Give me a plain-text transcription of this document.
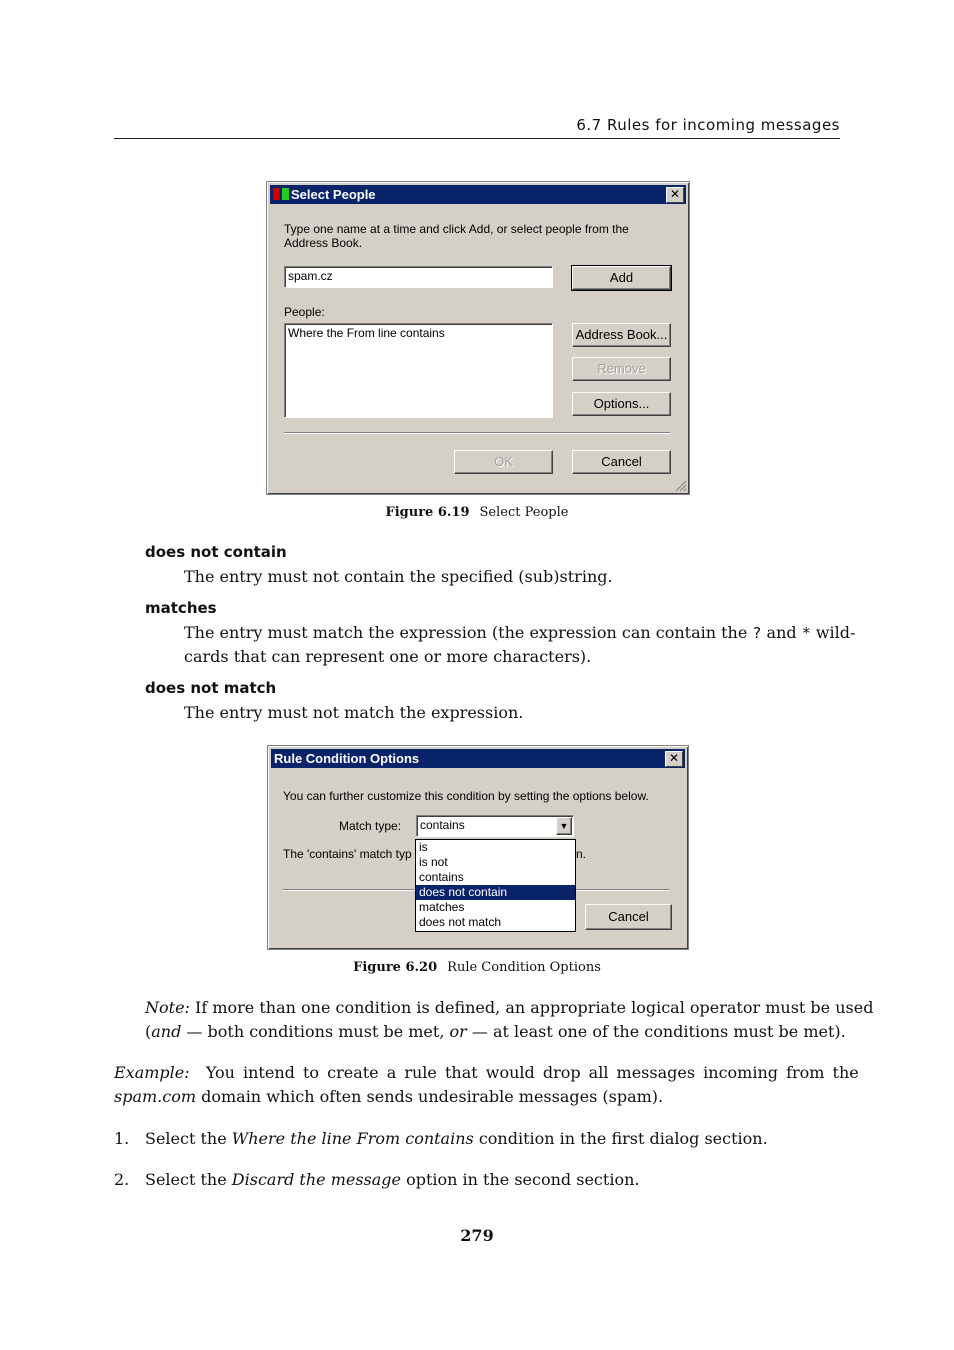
6.7 Rules for incoming messages
Select People	✕
Type one name at a time and click Add, or select people from the
Address Book.
spam.cz	Add
People:
Where the From line contains	Address Book...
Remove
Options...
OK	Cancel
Figure 6.19 Select People
does not contain
The entry must not contain the specified (sub)string.
matches
The entry must match the expression (the expression can contain the ? and * wild-
cards that can represent one or more characters).
does not match
The entry must not match the expression.
Rule Condition Options	✕
You can further customize this condition by setting the options below.
Match type:	contains	▼
The 'contains' match typ	n.
Cancel
is
is not
contains
does not contain
matches
does not match
Figure 6.20 Rule Condition Options
Note: If more than one condition is defined, an appropriate logical operator must be used
(and — both conditions must be met, or — at least one of the conditions must be met).
Example:  You intend to create a rule that would drop all messages incoming from the
spam.com domain which often sends undesirable messages (spam).
1. Select the Where the line From contains condition in the first dialog section.
2. Select the Discard the message option in the second section.
279
